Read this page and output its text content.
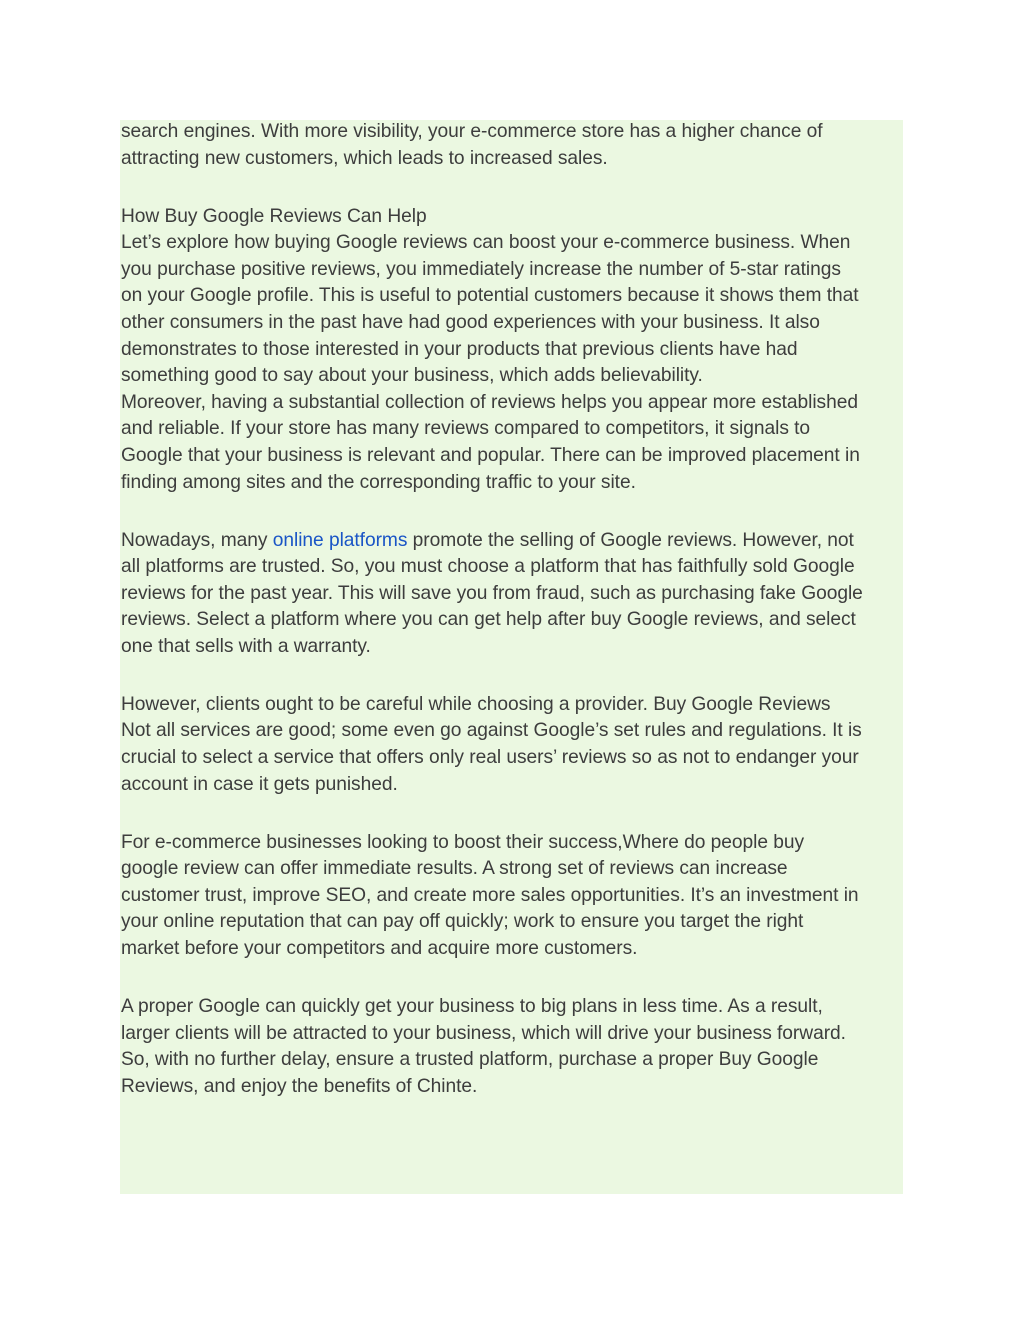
search engines. With more visibility, your e-commerce store has a higher chance of
attracting new customers, which leads to increased sales.

How Buy Google Reviews Can Help
Let’s explore how buying Google reviews can boost your e-commerce business. When
you purchase positive reviews, you immediately increase the number of 5-star ratings
on your Google profile. This is useful to potential customers because it shows them that
other consumers in the past have had good experiences with your business. It also
demonstrates to those interested in your products that previous clients have had
something good to say about your business, which adds believability.
Moreover, having a substantial collection of reviews helps you appear more established
and reliable. If your store has many reviews compared to competitors, it signals to
Google that your business is relevant and popular. There can be improved placement in
finding among sites and the corresponding traffic to your site.

Nowadays, many online platforms promote the selling of Google reviews. However, not
all platforms are trusted. So, you must choose a platform that has faithfully sold Google
reviews for the past year. This will save you from fraud, such as purchasing fake Google
reviews. Select a platform where you can get help after buy Google reviews, and select
one that sells with a warranty.

However, clients ought to be careful while choosing a provider. Buy Google Reviews
Not all services are good; some even go against Google’s set rules and regulations. It is
crucial to select a service that offers only real users’ reviews so as not to endanger your
account in case it gets punished.

For e-commerce businesses looking to boost their success,Where do people buy
google review can offer immediate results. A strong set of reviews can increase
customer trust, improve SEO, and create more sales opportunities. It’s an investment in
your online reputation that can pay off quickly; work to ensure you target the right
market before your competitors and acquire more customers.

A proper Google can quickly get your business to big plans in less time. As a result,
larger clients will be attracted to your business, which will drive your business forward.
So, with no further delay, ensure a trusted platform, purchase a proper Buy Google
Reviews, and enjoy the benefits of Chinte.
